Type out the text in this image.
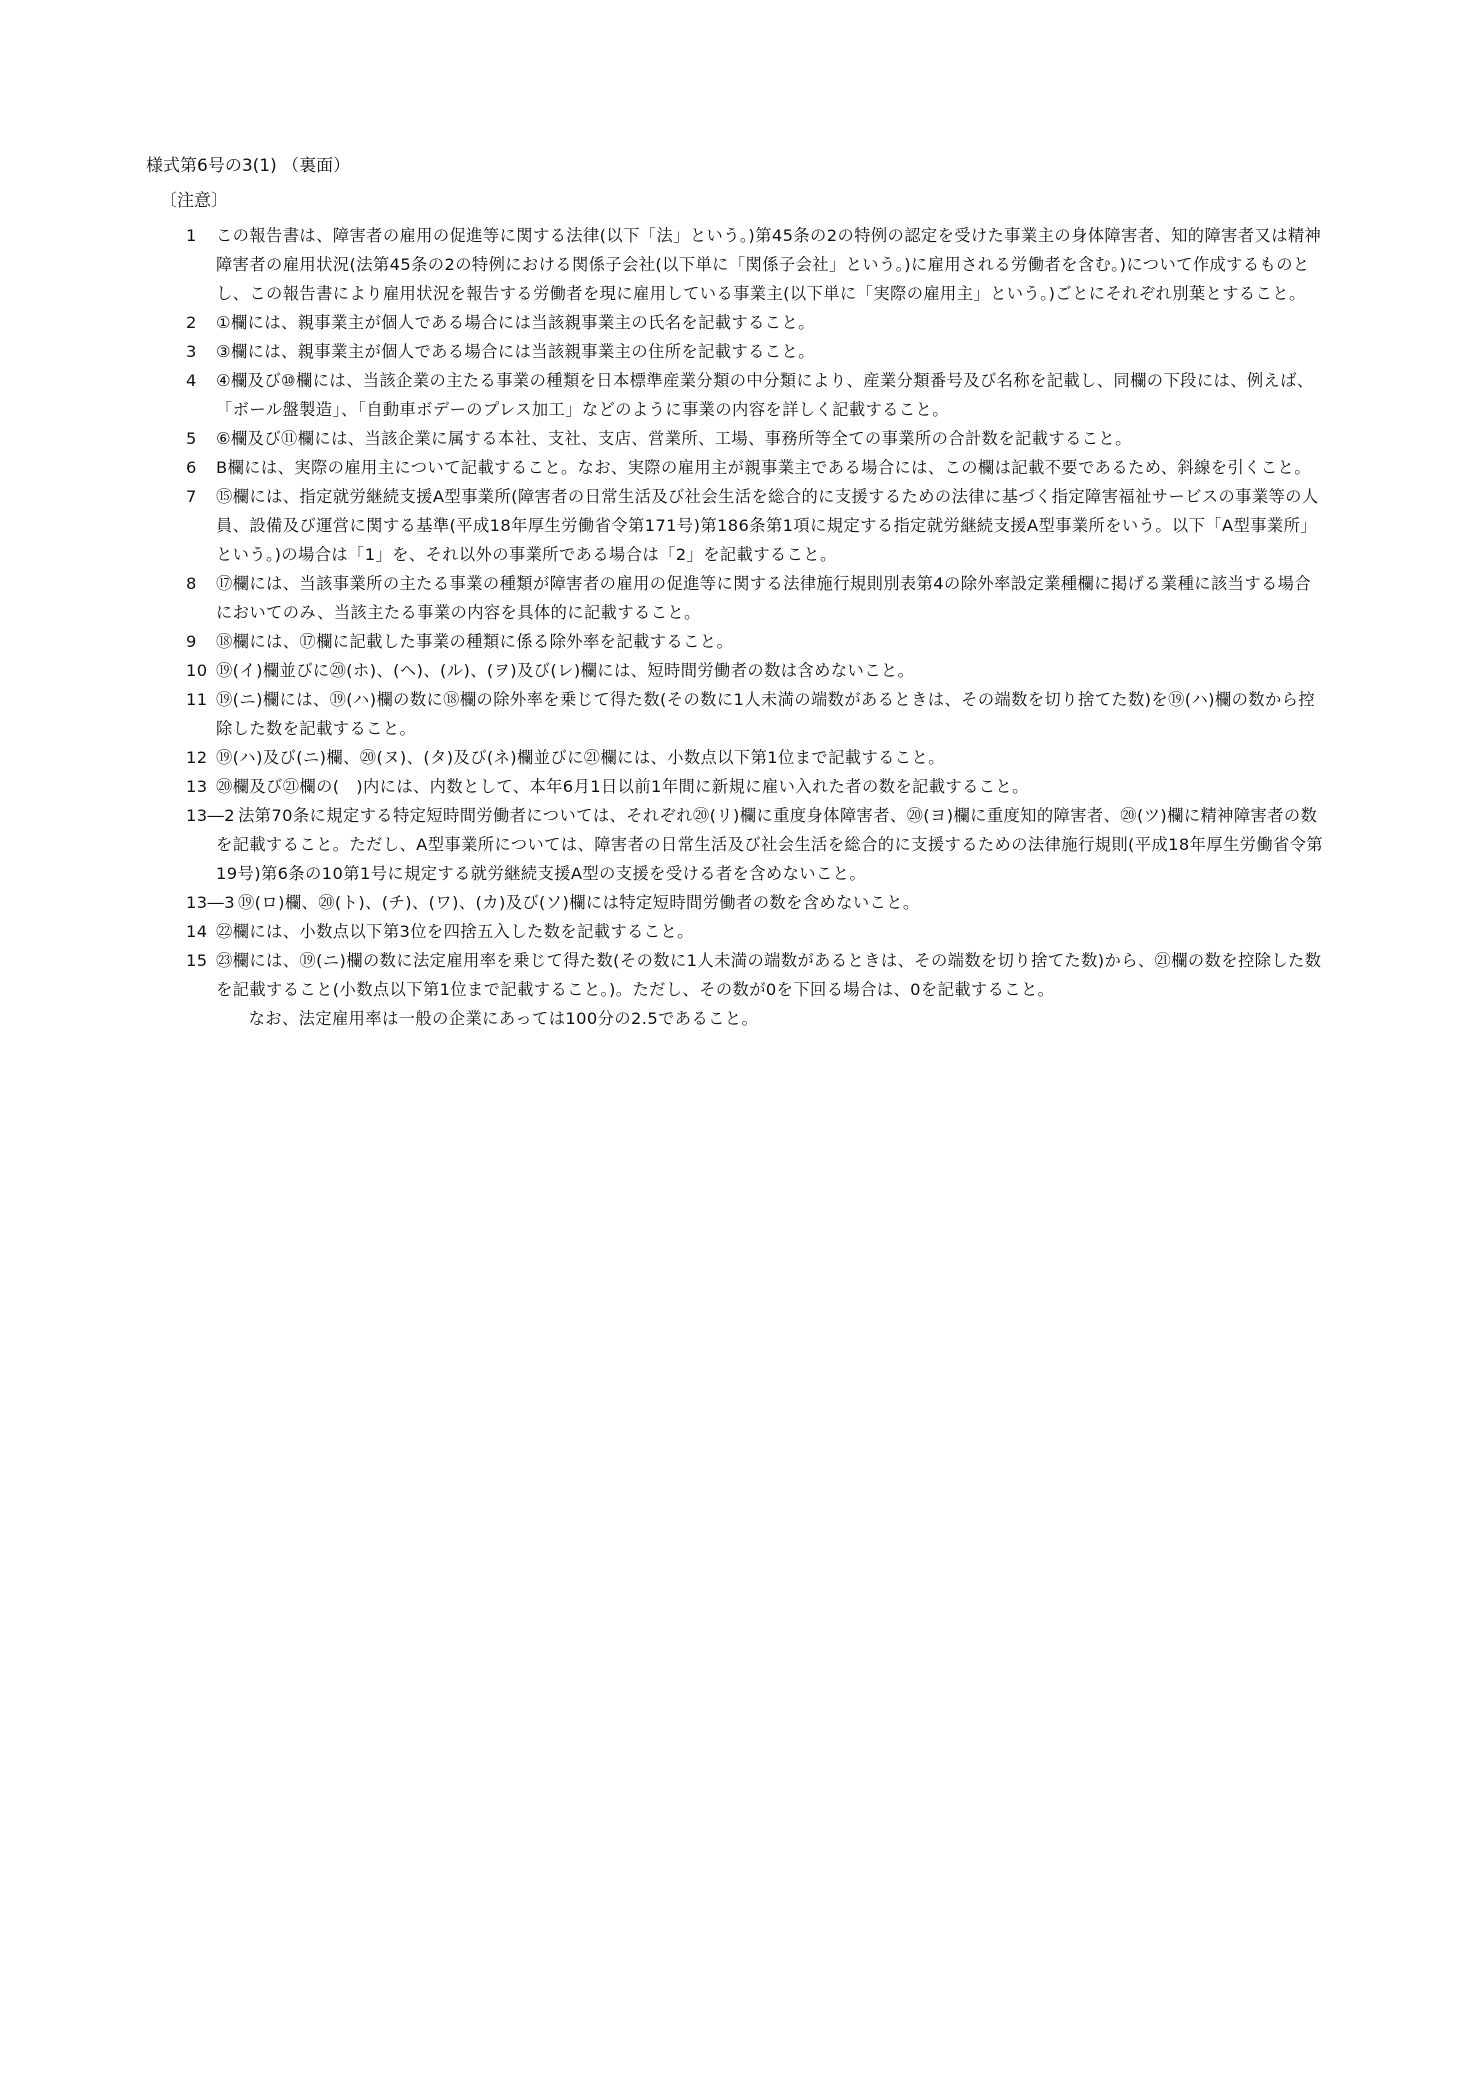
様式第6号の3(1) （裏面）
〔注意〕

1 この報告書は、障害者の雇用の促進等に関する法律(以下「法」という。)第45条の2の特例の認定を受けた事業主の身体障害者、知的障害者又は精神障害者の雇用状況(法第45条の2の特例における関係子会社(以下単に「関係子会社」という。)に雇用される労働者を含む。)について作成するものとし、この報告書により雇用状況を報告する労働者を現に雇用している事業主(以下単に「実際の雇用主」という。)ごとにそれぞれ別葉とすること。

2 ①欄には、親事業主が個人である場合には当該親事業主の氏名を記載すること。

3 ③欄には、親事業主が個人である場合には当該親事業主の住所を記載すること。

4 ④欄及び⑩欄には、当該企業の主たる事業の種類を日本標準産業分類の中分類により、産業分類番号及び名称を記載し、同欄の下段には、例えば、「ボール盤製造」、「自動車ボデーのプレス加工」などのように事業の内容を詳しく記載すること。

5 ⑥欄及び⑪欄には、当該企業に属する本社、支社、支店、営業所、工場、事務所等全ての事業所の合計数を記載すること。

6 B欄には、実際の雇用主について記載すること。なお、実際の雇用主が親事業主である場合には、この欄は記載不要であるため、斜線を引くこと。

7 ⑮欄には、指定就労継続支援A型事業所(障害者の日常生活及び社会生活を総合的に支援するための法律に基づく指定障害福祉サービスの事業等の人員、設備及び運営に関する基準(平成18年厚生労働省令第171号)第186条第1項に規定する指定就労継続支援A型事業所をいう。以下「A型事業所」という。)の場合は「1」を、それ以外の事業所である場合は「2」を記載すること。

8 ⑰欄には、当該事業所の主たる事業の種類が障害者の雇用の促進等に関する法律施行規則別表第4の除外率設定業種欄に掲げる業種に該当する場合においてのみ、当該主たる事業の内容を具体的に記載すること。

9 ⑱欄には、⑰欄に記載した事業の種類に係る除外率を記載すること。

10 ⑲(イ)欄並びに⑳(ホ)、(ヘ)、(ル)、(ヲ)及び(レ)欄には、短時間労働者の数は含めないこと。

11 ⑲(ニ)欄には、⑲(ハ)欄の数に⑱欄の除外率を乗じて得た数(その数に1人未満の端数があるときは、その端数を切り捨てた数)を⑲(ハ)欄の数から控除した数を記載すること。

12 ⑲(ハ)及び(ニ)欄、⑳(ヌ)、(タ)及び(ネ)欄並びに㉑欄には、小数点以下第1位まで記載すること。

13 ⑳欄及び㉑欄の(　)内には、内数として、本年6月1日以前1年間に新規に雇い入れた者の数を記載すること。

13―2 法第70条に規定する特定短時間労働者については、それぞれ⑳(リ)欄に重度身体障害者、⑳(ヨ)欄に重度知的障害者、⑳(ツ)欄に精神障害者の数を記載すること。ただし、A型事業所については、障害者の日常生活及び社会生活を総合的に支援するための法律施行規則(平成18年厚生労働省令第19号)第6条の10第1号に規定する就労継続支援A型の支援を受ける者を含めないこと。

13―3 ⑲(ロ)欄、⑳(ト)、(チ)、(ワ)、(カ)及び(ソ)欄には特定短時間労働者の数を含めないこと。

14 ㉒欄には、小数点以下第3位を四捨五入した数を記載すること。

15 ㉓欄には、⑲(ニ)欄の数に法定雇用率を乗じて得た数(その数に1人未満の端数があるときは、その端数を切り捨てた数)から、㉑欄の数を控除した数を記載すること(小数点以下第1位まで記載すること。)。ただし、その数が0を下回る場合は、0を記載すること。

なお、法定雇用率は一般の企業にあっては100分の2.5であること。
